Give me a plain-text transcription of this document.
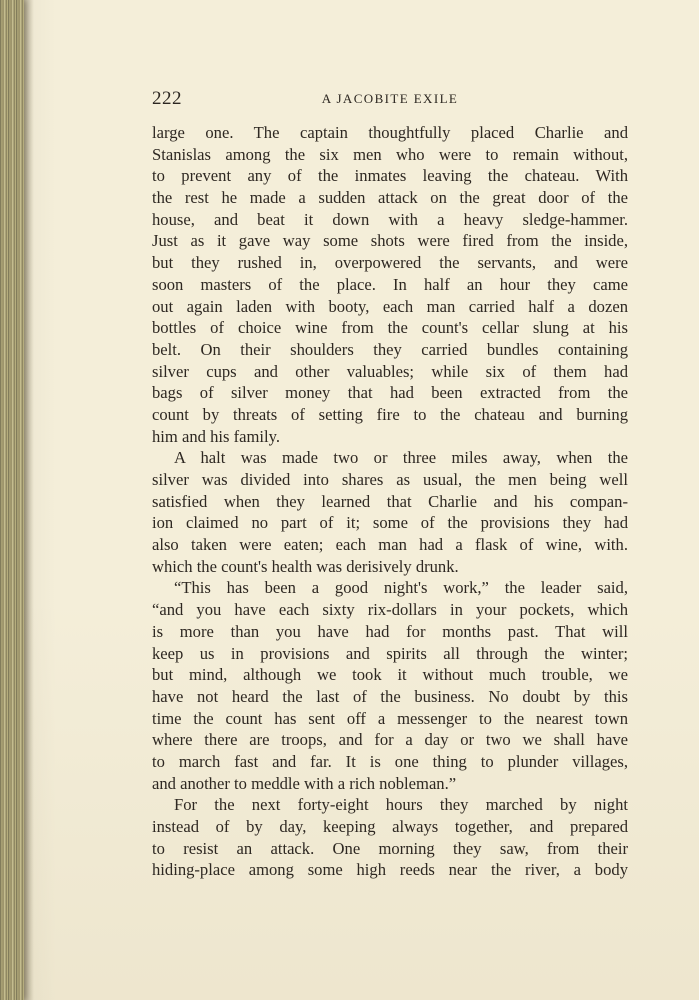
222	A JACOBITE EXILE
large one. The captain thoughtfully placed Charlie and
Stanislas among the six men who were to remain without,
to prevent any of the inmates leaving the chateau. With
the rest he made a sudden attack on the great door of the
house, and beat it down with a heavy sledge-hammer.
Just as it gave way some shots were fired from the inside,
but they rushed in, overpowered the servants, and were
soon masters of the place. In half an hour they came
out again laden with booty, each man carried half a dozen
bottles of choice wine from the count's cellar slung at his
belt. On their shoulders they carried bundles containing
silver cups and other valuables; while six of them had
bags of silver money that had been extracted from the
count by threats of setting fire to the chateau and burning
him and his family.
A halt was made two or three miles away, when the
silver was divided into shares as usual, the men being well
satisfied when they learned that Charlie and his compan-
ion claimed no part of it; some of the provisions they had
also taken were eaten; each man had a flask of wine, with.
which the count's health was derisively drunk.
“This has been a good night's work,” the leader said,
“and you have each sixty rix-dollars in your pockets, which
is more than you have had for months past. That will
keep us in provisions and spirits all through the winter;
but mind, although we took it without much trouble, we
have not heard the last of the business. No doubt by this
time the count has sent off a messenger to the nearest town
where there are troops, and for a day or two we shall have
to march fast and far. It is one thing to plunder villages,
and another to meddle with a rich nobleman.”
For the next forty-eight hours they marched by night
instead of by day, keeping always together, and prepared
to resist an attack. One morning they saw, from their
hiding-place among some high reeds near the river, a body
